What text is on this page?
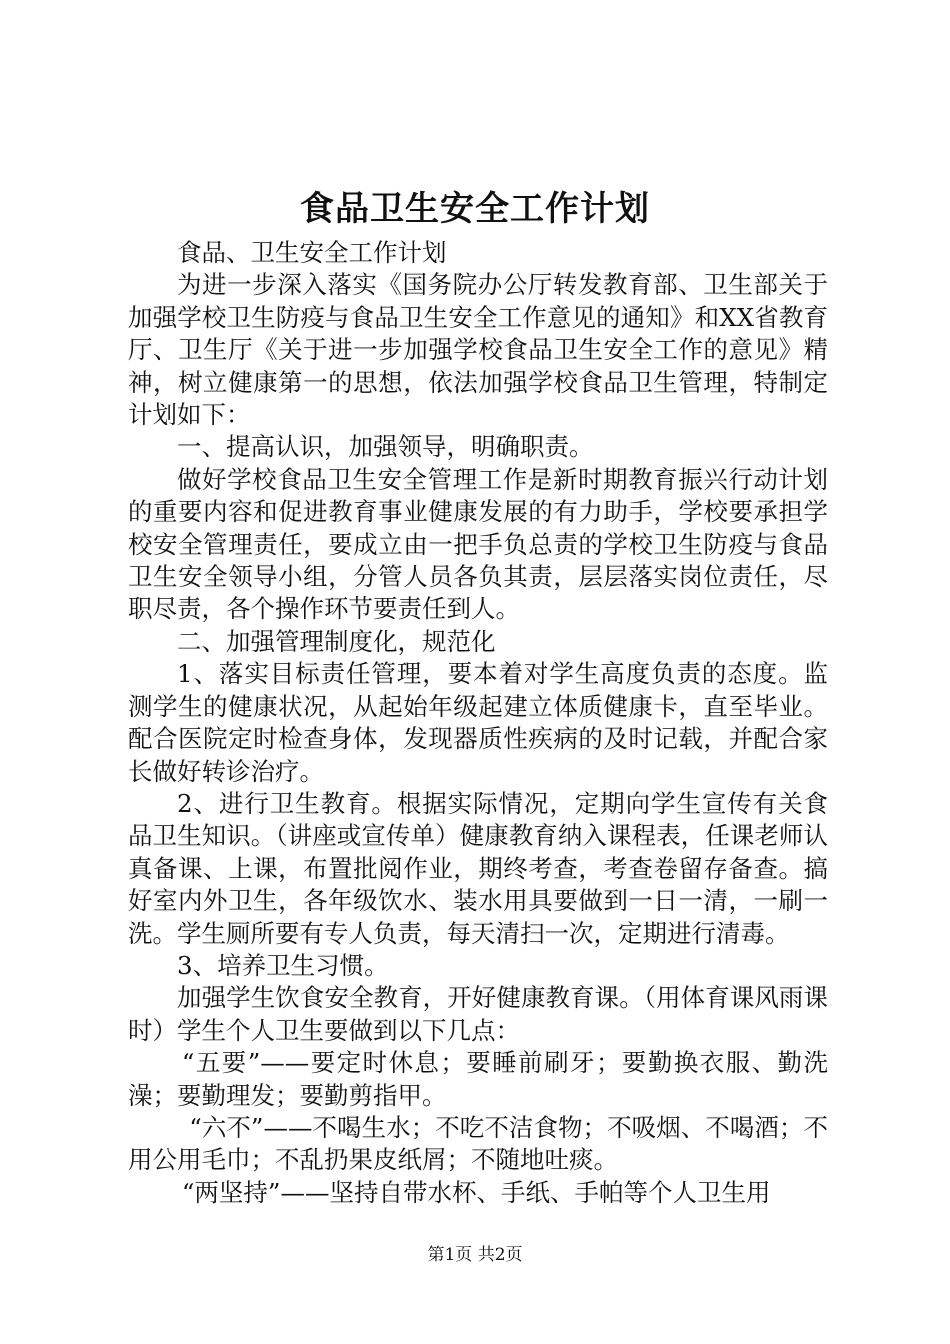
食品卫生安全工作计划

食品、卫生安全工作计划

为进一步深入落实《国务院办公厅转发教育部、卫生部关于加强学校卫生防疫与食品卫生安全工作意见的通知》和XX省教育厅、卫生厅《关于进一步加强学校食品卫生安全工作的意见》精神，树立健康第一的思想，依法加强学校食品卫生管理，特制定计划如下：

一、提高认识，加强领导，明确职责。

做好学校食品卫生安全管理工作是新时期教育振兴行动计划的重要内容和促进教育事业健康发展的有力助手，学校要承担学校安全管理责任，要成立由一把手负总责的学校卫生防疫与食品卫生安全领导小组，分管人员各负其责，层层落实岗位责任，尽职尽责，各个操作环节要责任到人。

二、加强管理制度化，规范化

1、落实目标责任管理，要本着对学生高度负责的态度。监测学生的健康状况，从起始年级起建立体质健康卡，直至毕业。配合医院定时检查身体，发现器质性疾病的及时记载，并配合家长做好转诊治疗。

2、进行卫生教育。根据实际情况，定期向学生宣传有关食品卫生知识。（讲座或宣传单）健康教育纳入课程表，任课老师认真备课、上课，布置批阅作业，期终考查，考查卷留存备查。搞好室内外卫生，各年级饮水、装水用具要做到一日一清，一刷一洗。学生厕所要有专人负责，每天清扫一次，定期进行清毒。

3、培养卫生习惯。

加强学生饮食安全教育，开好健康教育课。（用体育课风雨课时）学生个人卫生要做到以下几点：

“五要”——要定时休息；要睡前刷牙；要勤换衣服、勤洗澡；要勤理发；要勤剪指甲。

“六不”——不喝生水；不吃不洁食物；不吸烟、不喝酒；不用公用毛巾；不乱扔果皮纸屑；不随地吐痰。

“两坚持”——坚持自带水杯、手纸、手帕等个人卫生用

第1页 共2页
